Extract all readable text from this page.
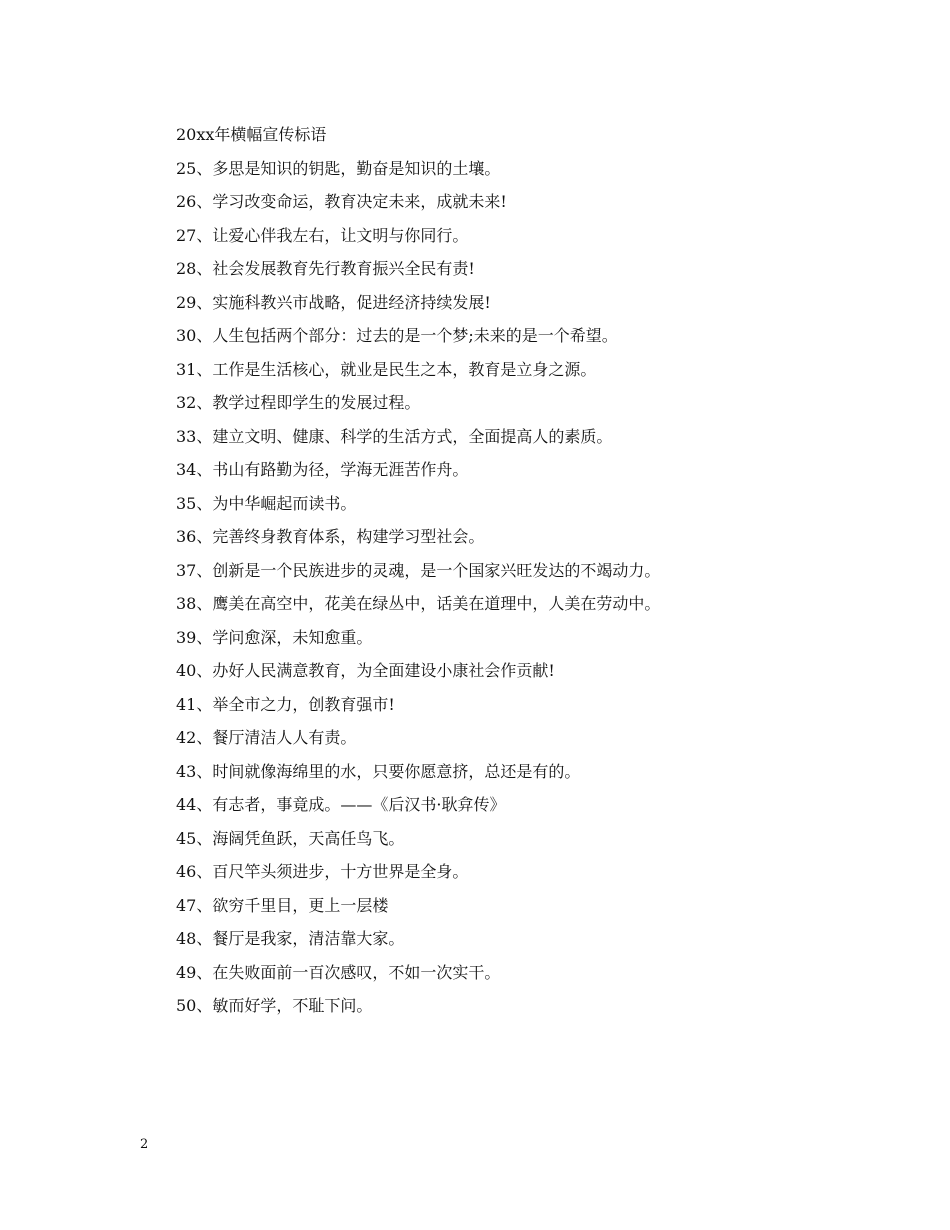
20xx年横幅宣传标语
25、多思是知识的钥匙，勤奋是知识的土壤。
26、学习改变命运，教育决定未来，成就未来!
27、让爱心伴我左右，让文明与你同行。
28、社会发展教育先行教育振兴全民有责!
29、实施科教兴市战略，促进经济持续发展!
30、人生包括两个部分：过去的是一个梦;未来的是一个希望。
31、工作是生活核心，就业是民生之本，教育是立身之源。
32、教学过程即学生的发展过程。
33、建立文明、健康、科学的生活方式，全面提高人的素质。
34、书山有路勤为径，学海无涯苦作舟。
35、为中华崛起而读书。
36、完善终身教育体系，构建学习型社会。
37、创新是一个民族进步的灵魂，是一个国家兴旺发达的不竭动力。
38、鹰美在高空中，花美在绿丛中，话美在道理中，人美在劳动中。
39、学问愈深，未知愈重。
40、办好人民满意教育，为全面建设小康社会作贡献!
41、举全市之力，创教育强市!
42、餐厅清洁人人有责。
43、时间就像海绵里的水，只要你愿意挤，总还是有的。
44、有志者，事竟成。——《后汉书·耿弇传》
45、海阔凭鱼跃，天高任鸟飞。
46、百尺竿头须进步，十方世界是全身。
47、欲穷千里目，更上一层楼
48、餐厅是我家，清洁靠大家。
49、在失败面前一百次感叹，不如一次实干。
50、敏而好学，不耻下问。
2
